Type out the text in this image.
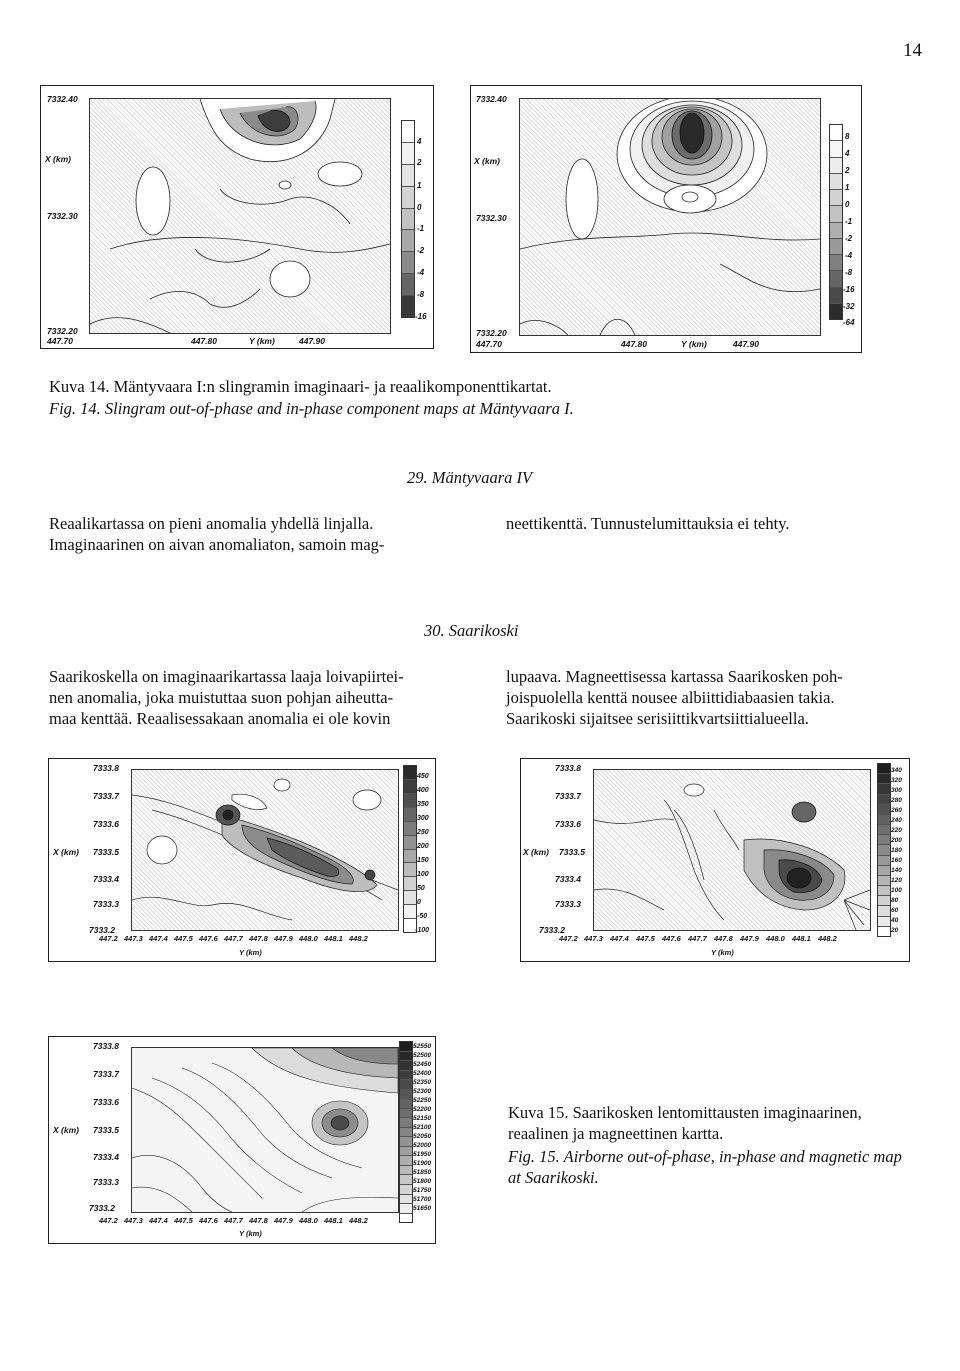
14
7332.40
X (km)
7332.30
7332.20
447.70	447.80	Y (km)	447.90
4
2
1
0
-1
-2
-4
-8
-16
7332.40
X (km)
7332.30
7332.20
447.70	447.80	Y (km)	447.90
8
4
2
1
0
-1
-2
-4
-8
-16
-32
-64
Kuva 14. Mäntyvaara I:n slingramin imaginaari- ja reaalikomponenttikartat.
Fig. 14. Slingram out-of-phase and in-phase component maps at Mäntyvaara I.
29. Mäntyvaara IV
Reaalikartassa on pieni anomalia yhdellä linjalla.
Imaginaarinen on aivan anomaliaton, samoin mag-
neettikenttä. Tunnustelumittauksia ei tehty.
30. Saarikoski
Saarikoskella on imaginaarikartassa laaja loivapiirtei-
nen anomalia, joka muistuttaa suon pohjan aiheutta-
maa kenttää. Reaalisessakaan anomalia ei ole kovin
lupaava. Magneettisessa kartassa Saarikosken poh-
joispuolella kenttä nousee albiittidiabaasien takia.
Saarikoski sijaitsee serisiittikvartsiittialueella.
7333.8
7333.7
7333.6
X (km) 7333.5
7333.4
7333.3
7333.2
447.2 447.3 447.4 447.5 447.6 447.7 447.8 447.9 448.0 448.1 448.2
Y (km)
450
400
350
300
250
200
150
100
50
0
-50
-100
7333.8
7333.7
7333.6
X (km) 7333.5
7333.4
7333.3
7333.2
447.2 447.3 447.4 447.5 447.6 447.7 447.8 447.9 448.0 448.1 448.2
Y (km)
340
320
300
280
260
240
220
200
180
160
140
120
100
80
60
40
20
7333.8
7333.7
7333.6
X (km) 7333.5
7333.4
7333.3
7333.2
447.2 447.3 447.4 447.5 447.6 447.7 447.8 447.9 448.0 448.1 448.2
Y (km)
52550
52500
52450
52400
52350
52300
52250
52200
52150
52100
52050
52000
51950
51900
51850
51800
51750
51700
51650
Kuva 15. Saarikosken lentomittausten imaginaarinen, reaalinen ja magneettinen kartta.
Fig. 15. Airborne out-of-phase, in-phase and magnetic map at Saarikoski.
